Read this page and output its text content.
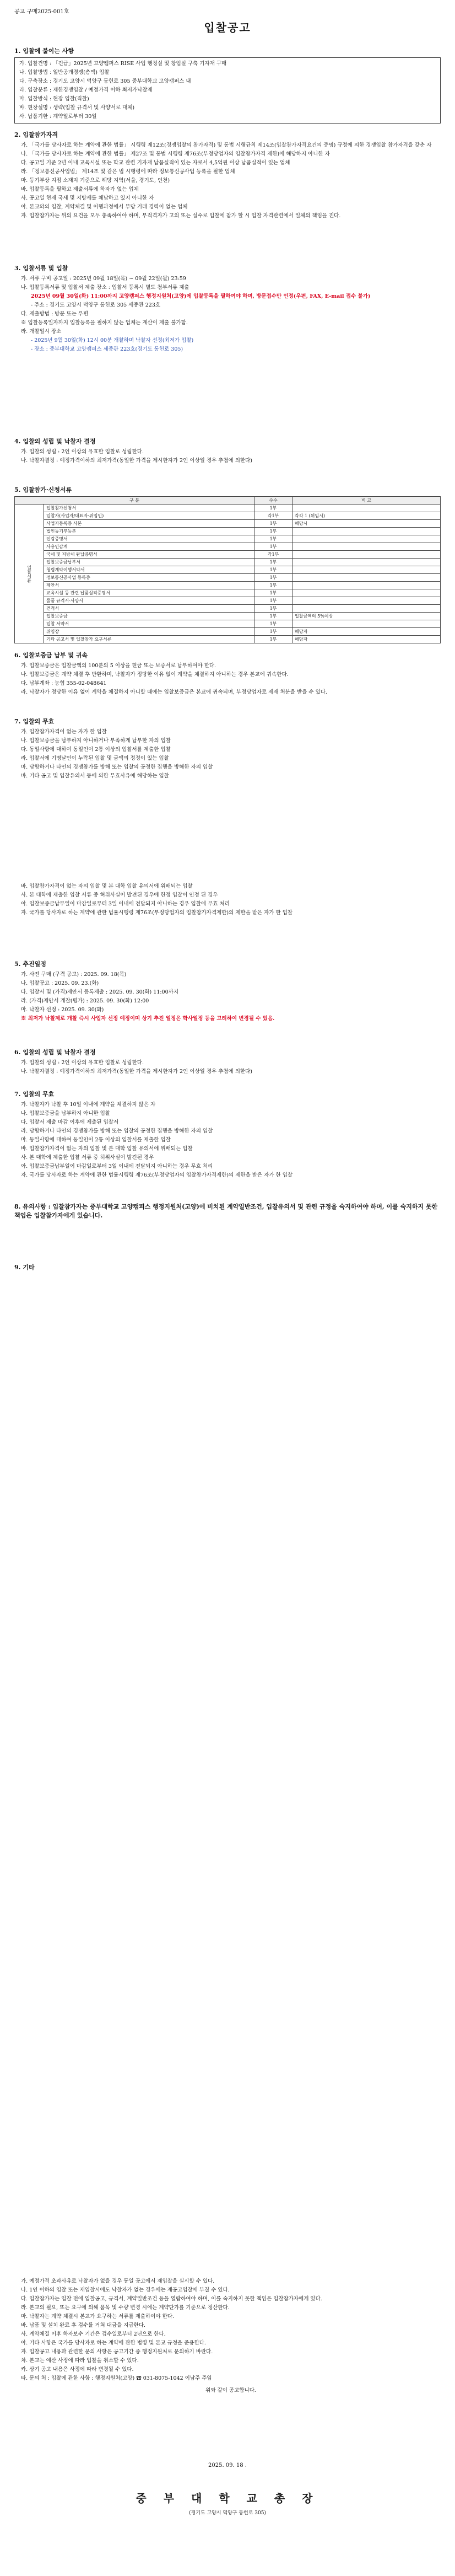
공고 구매2025-001호
입찰공고
1. 입찰에 붙이는 사항
가. 입찰건명 : 「긴급」2025년 고양캠퍼스 RISE 사업 행정실 및 창업실 구축 기자재 구매
나. 입찰방법 : 일반공개경쟁(총액) 입찰
다. 구축장소 : 경기도 고양시 덕양구 동헌로 305 중부대학교 고양캠퍼스 내
라. 입찰분류 : 제한경쟁입찰 / 예정가격 이하 최저가낙찰제
마. 입찰방식 : 현장 입찰(직찰)
바. 현장설명 : 생략(입찰 규격서 및 사양서로 대체)
사. 납품기한 : 계약일로부터 30일
2. 입찰참가자격
가. 「국가를 당사자로 하는 계약에 관한 법률」 시행령 제12조(경쟁입찰의 참가자격) 및 동법 시행규칙 제14조(입찰참가자격요건의 증명) 규정에 의한 경쟁입찰 참가자격을 갖춘 자
나. 「국가를 당사자로 하는 계약에 관한 법률」 제27조 및 동법 시행령 제76조(부정당업자의 입찰참가자격 제한)에 해당하지 아니한 자
다. 공고일 기준 2년 이내 교육시설 또는 학교 관련 기자재 납품실적이 있는 자로서 4,5억원 이상 납품실적이 있는 업체
라. 「정보통신공사업법」 제14조 및 같은 법 시행령에 따라 정보통신공사업 등록을 필한 업체
마. 등기부상 지점 소재지 기준으로 해당 지역(서울, 경기도, 인천)
바. 입찰등록을 필하고 제출서류에 하자가 없는 업체
사. 공고일 현재 국세 및 지방세를 체납하고 있지 아니한 자
아. 본교와의 입찰, 계약체결 및 이행과정에서 부당 거래 경력이 없는 업체
자. 입찰참가자는 위의 요건을 모두 충족하여야 하며, 부적격자가 고의 또는 실수로 입찰에 참가 할 시 입찰 자격관련에서 일체의 책임을 진다.
3. 입찰서류 및 입찰
가. 서류 구비 공고일 : 2025년 09월 18일(목) ~ 09월 22일(월) 23:59
나. 입찰등록서류 및 입찰서 제출 장소 : 입찰서 등록시 별도 첨부서류 제출
2025년 09월 30일(화) 11:00까지 고양캠퍼스 행정지원처(고양)에 입찰등록을 필하여야 하며, 방문접수만 인정(우편, FAX, E-mail 접수 불가)
- 주소 : 경기도 고양시 덕양구 동헌로 305 세종관 223호
다. 제출방법 : 방문 또는 우편
※ 입찰등록일자까지 입찰등록을 필하지 않는 업체는 계산이 제출 불가함.
라. 개찰일시 장소
- 2025년 9월 30일(화) 12시 00분 개찰하며 낙찰자 선정(최저가 입찰)
- 장소 : 중부대학교 고양캠퍼스 세종관 223호(경기도 동헌로 305)
4. 입찰의 성립 및 낙찰자 결정
가. 입찰의 성립 : 2인 이상의 유효한 입찰로 성립한다.
나. 낙찰자결정 : 예정가격이하의 최저가격(동일한 가격을 제시한자가 2인 이상일 경우 추첨에 의한다)
5. 입찰참가·신청서류
구 분		수수	비 고
입찰서류	입찰참가신청서	1부	
	입찰자(사업자/대표자·위임인)	각1부	각각 1 (위임시)
	사업자등록증 사본	1부	해당시
	법인등기부등본	1부	
	인감증명서	1부	
	사용인감계	1부	
	국세 및 지방세 완납증명서	각1부	
	입찰보증금납부서	1부	
	청렴계약이행서약서	1부	
	정보통신공사업 등록증	1부	
	제안서	1부	
	교육시설 등 관련 납품실적증명서	1부	
	물품 규격서·사양서	1부	
	견적서	1부	
	입찰보증금	1부	입찰금액의 5%이상
	입찰 서약서	1부	
	위임장	1부	해당자
	기타 공고서 및 입찰참가 요구서류	1부	해당자
6. 입찰보증금 납부 및 귀속
가. 입찰보증금은 입찰금액의 100분의 5 이상을 현금 또는 보증서로 납부하여야 한다.
나. 입찰보증금은 계약 체결 후 반환하며, 낙찰자가 정당한 이유 없이 계약을 체결하지 아니하는 경우 본교에 귀속한다.
다. 납부계좌 : 농협 355-02-048641
라. 낙찰자가 정당한 이유 없이 계약을 체결하지 아니할 때에는 입찰보증금은 본교에 귀속되며, 부정당업자로 제재 처분을 받을 수 있다.
7. 입찰의 무효
가. 입찰참가자격이 없는 자가 한 입찰
나. 입찰보증금을 납부하지 아니하거나 부족하게 납부한 자의 입찰
다. 동일사항에 대하여 동일인이 2통 이상의 입찰서를 제출한 입찰
라. 입찰서에 기명날인이 누락된 입찰 및 금액의 정정이 있는 입찰
마. 담합하거나 타인의 경쟁참가를 방해 또는 입찰의 공정한 집행을 방해한 자의 입찰
바. 기타 공고 및 입찰유의서 등에 의한 무효사유에 해당하는 입찰
바. 입찰참가자격이 없는 자의 입찰 및 본 대학 입찰 유의서에 위배되는 입찰
사. 본 대학에 제출한 입찰 서류 중 허위사실이 발견된 경우에 한정 입찰이 인정 된 경우
아. 입찰보증금납부일이 마감일로부터 3일 이내에 전달되지 아니하는 경우 입찰에 무효 처리
자. 국가를 당사자로 하는 계약에 관한 법률시행령 제76조(부정당업자의 입찰참가자격제한)의 제한을 받은 자가 한 입찰
5. 추진일정
가. 사전 구매 (구격 공고) : 2025. 09. 18(목)
나. 입찰공고 : 2025. 09. 23.(화)
다. 입찰서 및 (가격)제안서 등록제출 : 2025. 09. 30(화) 11:00까지
라. (가격)제안서 개찰(평가) : 2025. 09. 30(화) 12:00
마. 낙찰자 선정 : 2025. 09. 30(화)
※ 최저가 낙찰제로 개찰 즉시 사업자 선정 예정이며 상기 추진 일정은 학사일정 등을 고려하여 변경될 수 있음.
6. 입찰의 성립 및 낙찰자 결정
가. 입찰의 성립 : 2인 이상의 유효한 입찰로 성립한다.
나. 낙찰자결정 : 예정가격이하의 최저가격(동일한 가격을 제시한자가 2인 이상일 경우 추첨에 의한다)
7. 입찰의 무효
가. 낙찰자가 낙찰 후 10일 이내에 계약을 체결하지 않은 자
나. 입찰보증금을 납부하지 아니한 입찰
다. 입찰서 제출 마감 이후에 제출된 입찰서
라. 담합하거나 타인의 경쟁참가를 방해 또는 입찰의 공정한 집행을 방해한 자의 입찰
마. 동일사항에 대하여 동일인이 2통 이상의 입찰서를 제출한 입찰
바. 입찰참가자격이 없는 자의 입찰 및 본 대학 입찰 유의서에 위배되는 입찰
사. 본 대학에 제출한 입찰 서류 중 허위사실이 발견된 경우
아. 입찰보증금납부일이 마감일로부터 3일 이내에 전달되지 아니하는 경우 무효 처리
자. 국가를 당사자로 하는 계약에 관한 법률시행령 제76조(부정당업자의 입찰참가자격제한)의 제한을 받은 자가 한 입찰
8. 유의사항 : 입찰참가자는 중부대학교 고양캠퍼스 행정지원처(고양)에 비치된 계약일반조건, 입찰유의서 및 관련 규정을 숙지하여야 하며, 이를 숙지하지 못한 책임은 입찰참가자에게 있습니다.
9. 기타
가. 예정가격 초과사유로 낙찰자가 없을 경우 동일 공고에서 재입찰을 실시할 수 있다.
나. 1인 이하의 입찰 또는 재입찰시에도 낙찰자가 없는 경우에는 재공고입찰에 부칠 수 있다.
다. 입찰참가자는 입찰 전에 입찰공고, 규격서, 계약일반조건 등을 열람하여야 하며, 이를 숙지하지 못한 책임은 입찰참가자에게 있다.
라. 본교의 필요, 또는 요구에 의해 품목 및 수량 변경 시에는 계약단가를 기준으로 정산한다.
마. 낙찰자는 계약 체결시 본교가 요구하는 서류를 제출하여야 한다.
바. 납품 및 설치 완료 후 검수를 거쳐 대금을 지급한다.
사. 계약체결 이후 하자보수 기간은 검수일로부터 2년으로 한다.
아. 기타 사항은 국가를 당사자로 하는 계약에 관한 법령 및 본교 규정을 준용한다.
자. 입찰공고 내용과 관련한 문의 사항은 공고기간 중 행정지원처로 문의하기 바란다.
차. 본교는 예산 사정에 따라 입찰을 취소할 수 있다.
카. 상기 공고 내용은 사정에 따라 변경될 수 있다.
타. 문의 처 : 입찰에 관한 사항 : 행정지원처(고양) ☎ 031-8075-1042 이남주 주임
위와 같이 공고합니다.
2025. 09. 18 .
중 부 대 학 교 총 장
(경기도 고양시 덕양구 동헌로 305)
